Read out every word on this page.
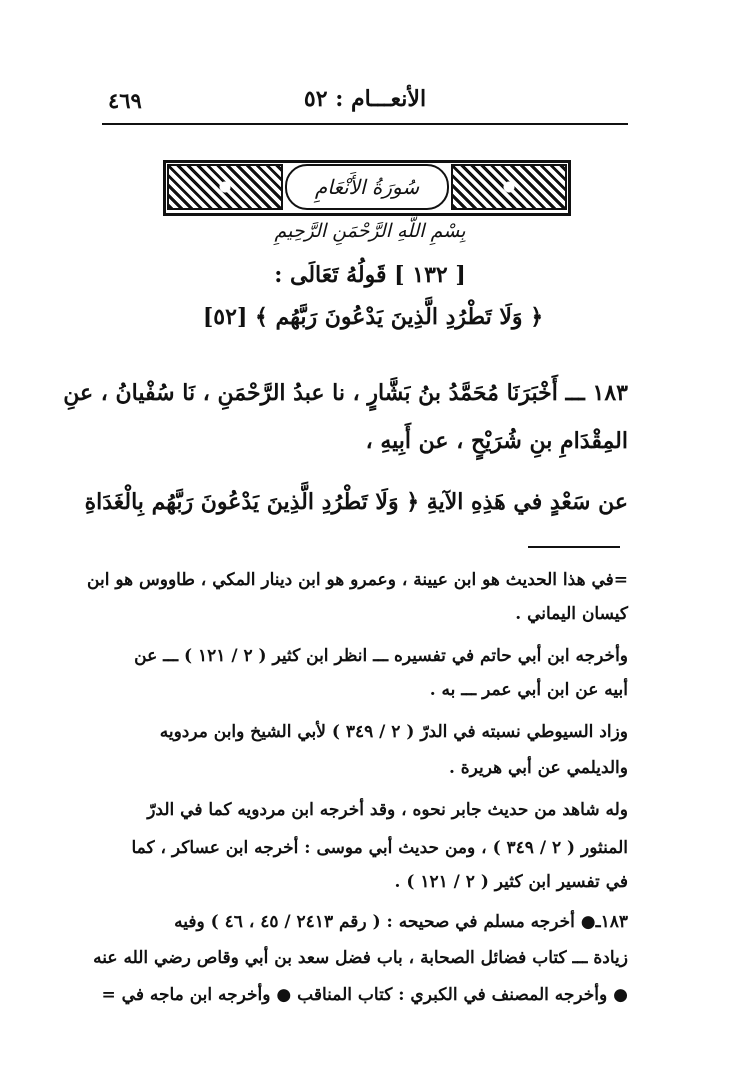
٤٦٩	الأنعـــام : ٥٢
سُورَةُ الأَنْعَامِ
بِسْمِ اللَّهِ الرَّحْمَنِ الرَّحِيمِ
[ ١٣٢ ] قَولُهُ تَعَالَى :
﴿ وَلَا تَطْرُدِ الَّذِينَ يَدْعُونَ رَبَّهُم ﴾ [٥٢]
١٨٣ ـــ أَخْبَرَنَا مُحَمَّدُ بنُ بَشَّارٍ ، نا عبدُ الرَّحْمَنِ ، نَا سُفْيانُ ، عنِ
المِقْدَامِ بنِ شُرَيْحٍ ، عن أَبِيهِ ،
عن سَعْدٍ في هَذِهِ الآيةِ ﴿ وَلَا تَطْرُدِ الَّذِينَ يَدْعُونَ رَبَّهُم بِالْغَدَاةِ
=في هذا الحديث هو ابن عيينة ، وعمرو هو ابن دينار المكي ، طاووس هو ابن
كيسان اليماني .
وأخرجه ابن أبي حاتم في تفسيره ـــ انظر ابن كثير ( ٢ / ١٢١ ) ـــ عن
أبيه عن ابن أبي عمر ـــ به .
وزاد السيوطي نسبته في الدرّ ( ٢ / ٣٤٩ ) لأبي الشيخ وابن مردويه
والديلمي عن أبي هريرة .
وله شاهد من حديث جابر نحوه ، وقد أخرجه ابن مردويه كما في الدرّ
المنثور ( ٢ / ٣٤٩ ) ، ومن حديث أبي موسى : أخرجه ابن عساكر ، كما
في تفسير ابن كثير ( ٢ / ١٢١ ) .
١٨٣ـ● أخرجه مسلم في صحيحه : ( رقم ٢٤١٣ / ٤٥ ، ٤٦ ) وفيه
زيادة ـــ كتاب فضائل الصحابة ، باب فضل سعد بن أبي وقاص رضي الله عنه
● وأخرجه المصنف في الكبري : كتاب المناقب ● وأخرجه ابن ماجه في =
